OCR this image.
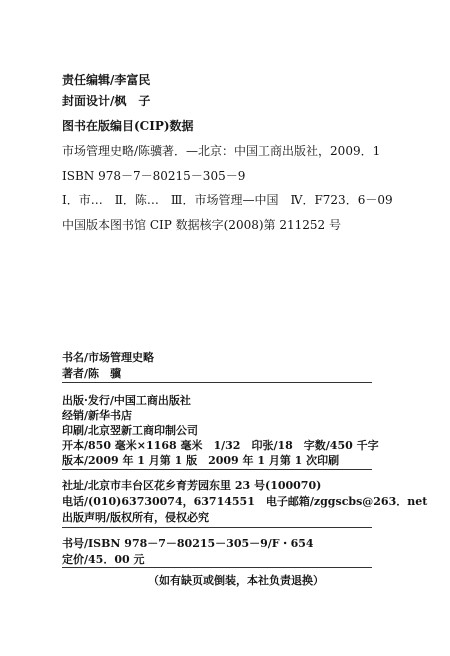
责任编辑/李富民
封面设计/枫　子
图书在版编目(CIP)数据
市场管理史略/陈骥著．—北京：中国工商出版社，2009．1
ISBN 978－7－80215－305－9
Ⅰ．市…　Ⅱ．陈…　Ⅲ．市场管理—中国　Ⅳ．F723．6－09
中国版本图书馆 CIP 数据核字(2008)第 211252 号
书名/市场管理史略
著者/陈　骥
出版·发行/中国工商出版社
经销/新华书店
印刷/北京翌新工商印制公司
开本/850 毫米×1168 毫米　1/32　印张/18　字数/450 千字
版本/2009 年 1 月第 1 版　2009 年 1 月第 1 次印刷
社址/北京市丰台区花乡育芳园东里 23 号(100070)
电话/(010)63730074，63714551　电子邮箱/zggscbs@263．net
出版声明/版权所有，侵权必究
书号/ISBN 978－7－80215－305－9/F・654
定价/45．00 元
（如有缺页或倒装，本社负责退换）
